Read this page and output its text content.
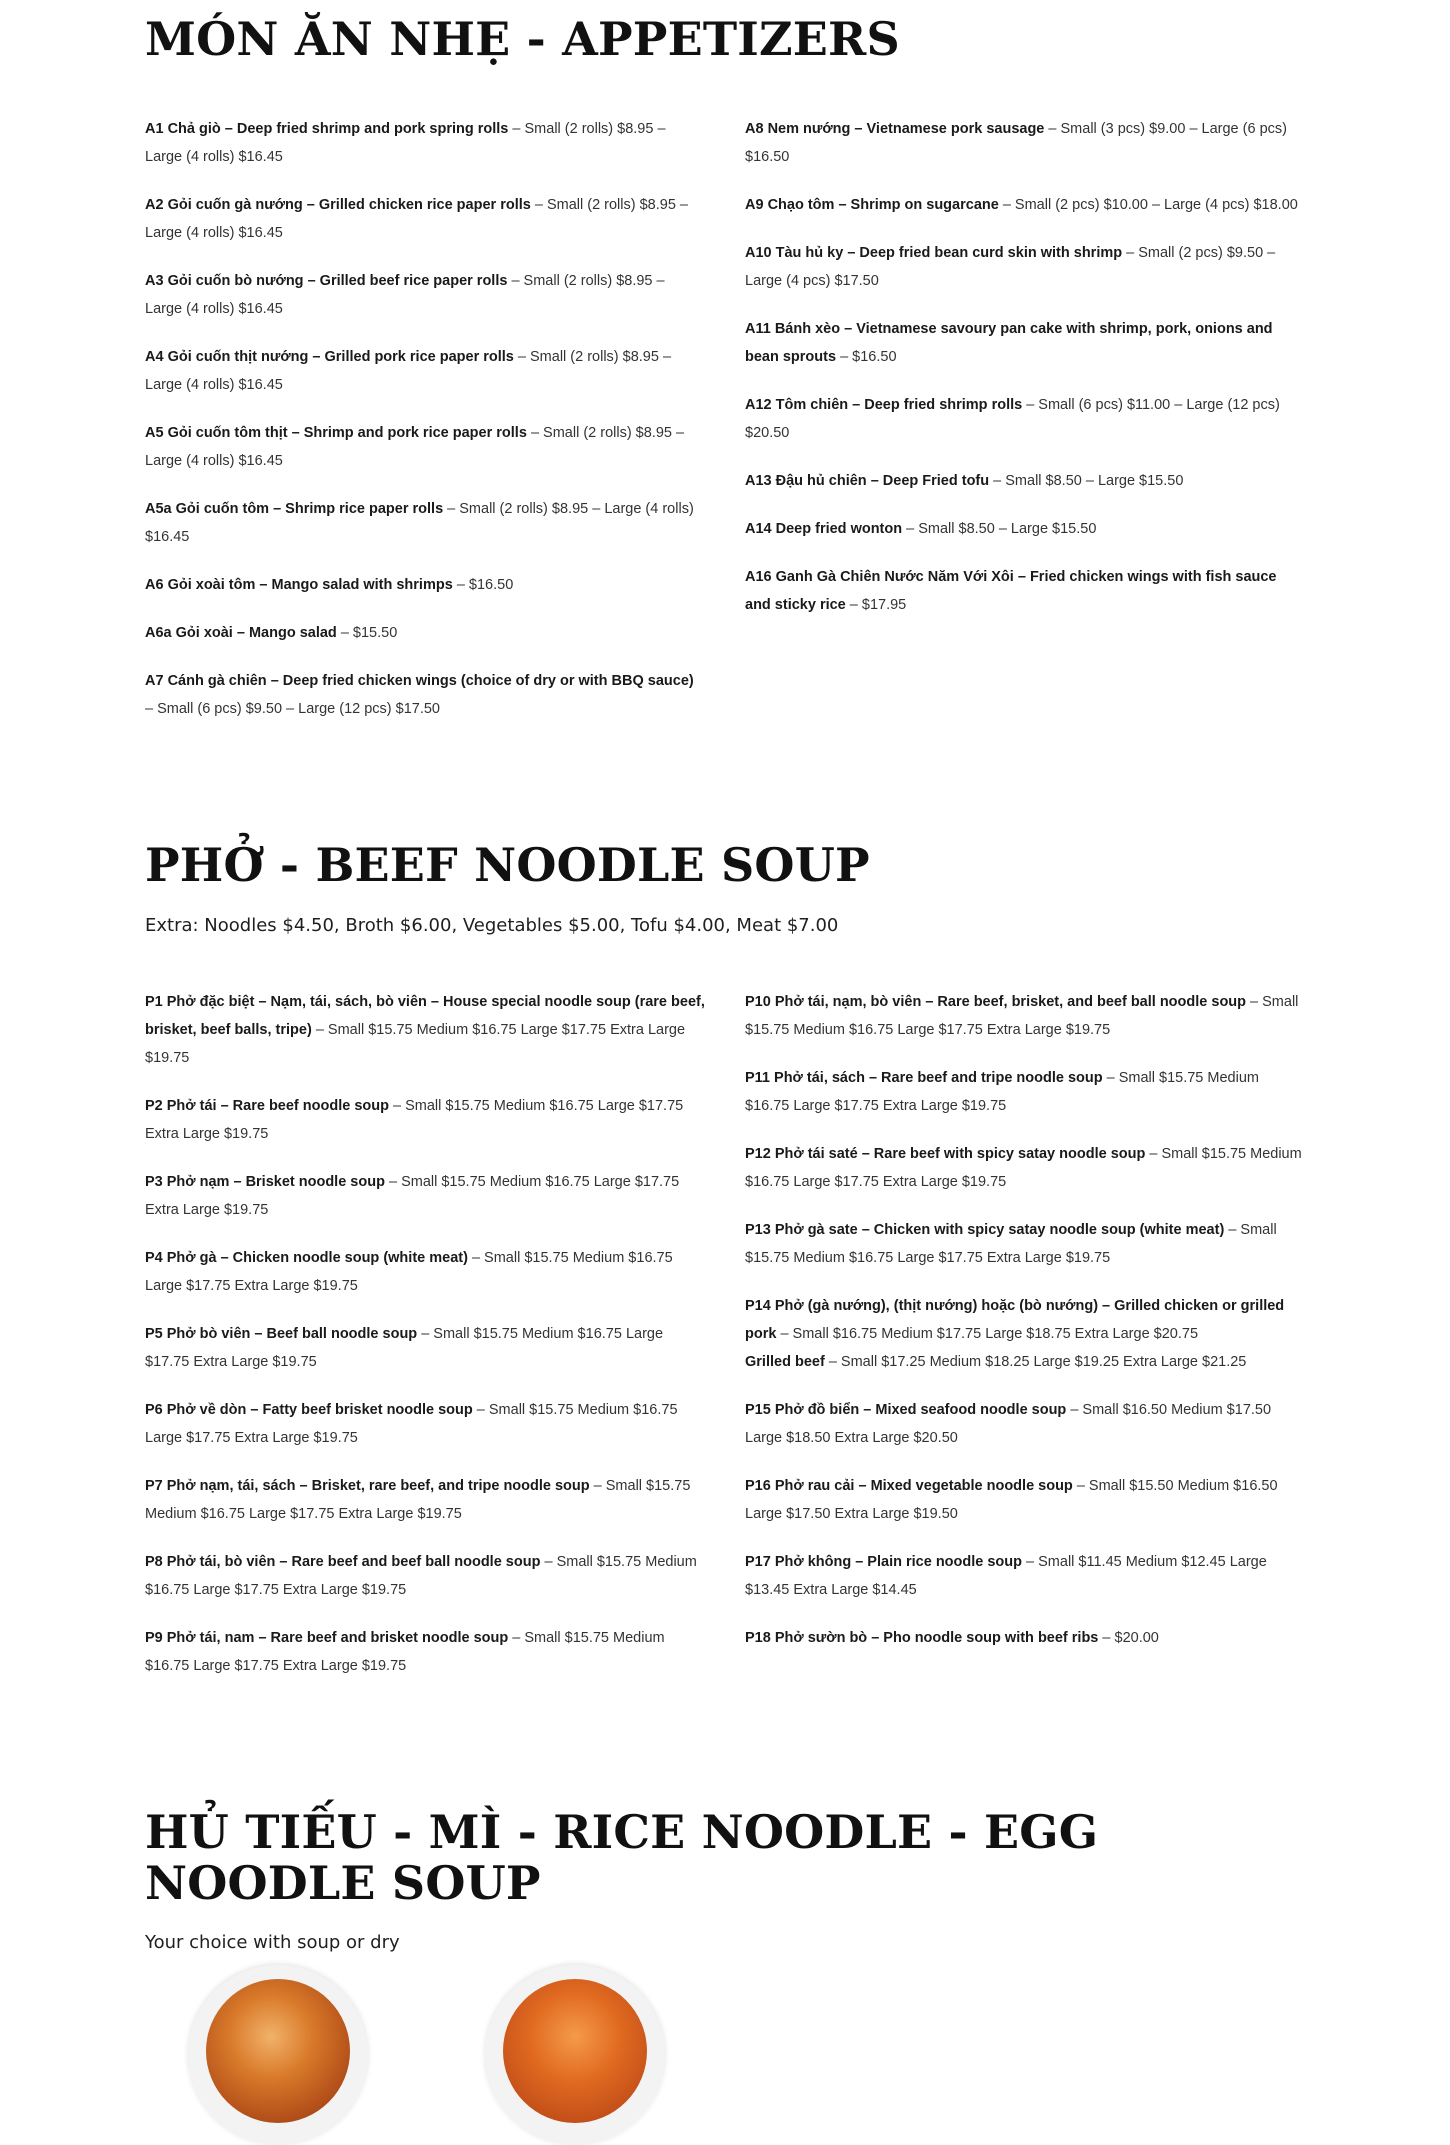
MÓN ĂN NHẸ - APPETIZERS

A1 Chả giò – Deep fried shrimp and pork spring rolls – Small (2 rolls) $8.95 – Large (4 rolls) $16.45

A2 Gỏi cuốn gà nướng – Grilled chicken rice paper rolls – Small (2 rolls) $8.95 – Large (4 rolls) $16.45

A3 Gỏi cuốn bò nướng – Grilled beef rice paper rolls – Small (2 rolls) $8.95 – Large (4 rolls) $16.45

A4 Gỏi cuốn thịt nướng – Grilled pork rice paper rolls – Small (2 rolls) $8.95 – Large (4 rolls) $16.45

A5 Gỏi cuốn tôm thịt – Shrimp and pork rice paper rolls – Small (2 rolls) $8.95 – Large (4 rolls) $16.45

A5a Gỏi cuốn tôm – Shrimp rice paper rolls – Small (2 rolls) $8.95 – Large (4 rolls) $16.45

A6 Gỏi xoài tôm – Mango salad with shrimps – $16.50

A6a Gỏi xoài – Mango salad – $15.50

A7 Cánh gà chiên – Deep fried chicken wings (choice of dry or with BBQ sauce) – Small (6 pcs) $9.50 – Large (12 pcs) $17.50

A8 Nem nướng – Vietnamese pork sausage – Small (3 pcs) $9.00 – Large (6 pcs) $16.50

A9 Chạo tôm – Shrimp on sugarcane – Small (2 pcs) $10.00 – Large (4 pcs) $18.00

A10 Tàu hủ ky – Deep fried bean curd skin with shrimp – Small (2 pcs) $9.50 – Large (4 pcs) $17.50

A11 Bánh xèo – Vietnamese savoury pan cake with shrimp, pork, onions and bean sprouts – $16.50

A12 Tôm chiên – Deep fried shrimp rolls – Small (6 pcs) $11.00 – Large (12 pcs) $20.50

A13 Đậu hủ chiên – Deep Fried tofu – Small $8.50 – Large $15.50

A14 Deep fried wonton – Small $8.50 – Large $15.50

A16 Ganh Gà Chiên Nước Năm Với Xôi – Fried chicken wings with fish sauce and sticky rice – $17.95

PHỞ - BEEF NOODLE SOUP

Extra: Noodles $4.50, Broth $6.00, Vegetables $5.00, Tofu $4.00, Meat $7.00

P1 Phở đặc biệt – Nạm, tái, sách, bò viên – House special noodle soup (rare beef, brisket, beef balls, tripe) – Small $15.75 Medium $16.75 Large $17.75 Extra Large $19.75

P2 Phở tái – Rare beef noodle soup – Small $15.75 Medium $16.75 Large $17.75 Extra Large $19.75

P3 Phở nạm – Brisket noodle soup – Small $15.75 Medium $16.75 Large $17.75 Extra Large $19.75

P4 Phở gà – Chicken noodle soup (white meat) – Small $15.75 Medium $16.75 Large $17.75 Extra Large $19.75

P5 Phở bò viên – Beef ball noodle soup – Small $15.75 Medium $16.75 Large $17.75 Extra Large $19.75

P6 Phở về dòn – Fatty beef brisket noodle soup – Small $15.75 Medium $16.75 Large $17.75 Extra Large $19.75

P7 Phở nạm, tái, sách – Brisket, rare beef, and tripe noodle soup – Small $15.75 Medium $16.75 Large $17.75 Extra Large $19.75

P8 Phở tái, bò viên – Rare beef and beef ball noodle soup – Small $15.75 Medium $16.75 Large $17.75 Extra Large $19.75

P9 Phở tái, nam – Rare beef and brisket noodle soup – Small $15.75 Medium $16.75 Large $17.75 Extra Large $19.75

P10 Phở tái, nạm, bò viên – Rare beef, brisket, and beef ball noodle soup – Small $15.75 Medium $16.75 Large $17.75 Extra Large $19.75

P11 Phở tái, sách – Rare beef and tripe noodle soup – Small $15.75 Medium $16.75 Large $17.75 Extra Large $19.75

P12 Phở tái saté – Rare beef with spicy satay noodle soup – Small $15.75 Medium $16.75 Large $17.75 Extra Large $19.75

P13 Phở gà sate – Chicken with spicy satay noodle soup (white meat) – Small $15.75 Medium $16.75 Large $17.75 Extra Large $19.75

P14 Phở (gà nướng), (thịt nướng) hoặc (bò nướng) – Grilled chicken or grilled pork – Small $16.75 Medium $17.75 Large $18.75 Extra Large $20.75
Grilled beef – Small $17.25 Medium $18.25 Large $19.25 Extra Large $21.25

P15 Phở đồ biển – Mixed seafood noodle soup – Small $16.50 Medium $17.50 Large $18.50 Extra Large $20.50

P16 Phở rau cải – Mixed vegetable noodle soup – Small $15.50 Medium $16.50 Large $17.50 Extra Large $19.50

P17 Phở không – Plain rice noodle soup – Small $11.45 Medium $12.45 Large $13.45 Extra Large $14.45

P18 Phở sườn bò – Pho noodle soup with beef ribs – $20.00

HỦ TIẾU - MÌ - RICE NOODLE - EGG NOODLE SOUP

Your choice with soup or dry
